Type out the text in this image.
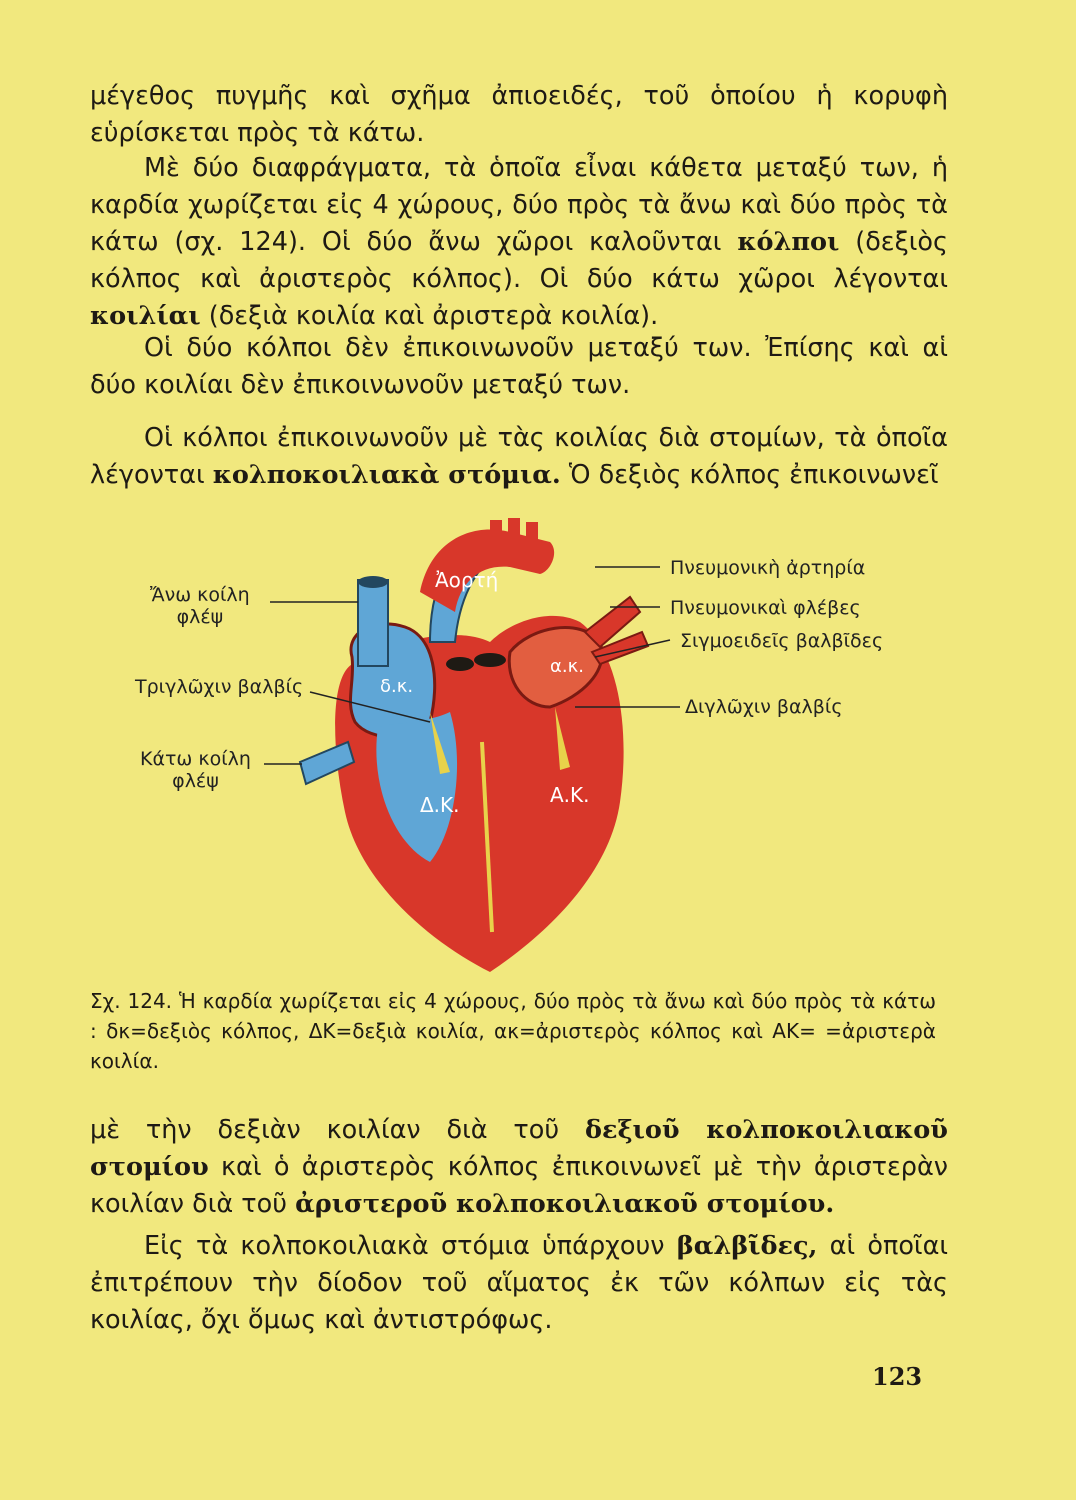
μέγεθος πυγμῆς καὶ σχῆμα ἀπιοειδές, τοῦ ὁποίου ἡ κορυφὴ εὑρίσκεται πρὸς τὰ κάτω.

Μὲ δύο διαφράγματα, τὰ ὁποῖα εἶναι κάθετα μεταξύ των, ἡ καρδία χωρίζεται εἰς 4 χώρους, δύο πρὸς τὰ ἄνω καὶ δύο πρὸς τὰ κάτω (σχ. 124). Οἱ δύο ἄνω χῶροι καλοῦνται κόλποι (δεξιὸς κόλπος καὶ ἀριστερὸς κόλπος). Οἱ δύο κάτω χῶροι λέγονται κοιλίαι (δεξιὰ κοιλία καὶ ἀριστερὰ κοιλία).

Οἱ δύο κόλποι δὲν ἐπικοινωνοῦν μεταξύ των. Ἐπίσης καὶ αἱ δύο κοιλίαι δὲν ἐπικοινωνοῦν μεταξύ των.

Οἱ κόλποι ἐπικοινωνοῦν μὲ τὰς κοιλίας διὰ στομίων, τὰ ὁποῖα λέγονται κολποκοιλιακὰ στόμια. Ὁ δεξιὸς κόλπος ἐπικοινωνεῖ

δ.κ.
α.κ.
Δ.Κ.	Α.Κ.
Ἀορτή
Ἄνω κοίλη
φλέψ
Τριγλῶχιν βαλβίς
Κάτω κοίλη
φλέψ
Πνευμονικὴ ἀρτηρία
Πνευμονικαὶ φλέβες
Σιγμοειδεῖς βαλβῖδες
Διγλῶχιν βαλβίς

Σχ. 124. Ἡ καρδία χωρίζεται εἰς 4 χώρους, δύο πρὸς τὰ ἄνω καὶ δύο πρὸς τὰ κάτω : δκ=δεξιὸς κόλπος, ΔΚ=δεξιὰ κοιλία, ακ=ἀριστερὸς κόλπος καὶ ΑΚ= =ἀριστερὰ κοιλία.

μὲ τὴν δεξιὰν κοιλίαν διὰ τοῦ δεξιοῦ κολποκοιλιακοῦ στομίου καὶ ὁ ἀριστερὸς κόλπος ἐπικοινωνεῖ μὲ τὴν ἀριστερὰν κοιλίαν διὰ τοῦ ἀριστεροῦ κολποκοιλιακοῦ στομίου.

Εἰς τὰ κολποκοιλιακὰ στόμια ὑπάρχουν βαλβῖδες, αἱ ὁποῖαι ἐπιτρέπουν τὴν δίοδον τοῦ αἵματος ἐκ τῶν κόλπων εἰς τὰς κοιλίας, ὄχι ὅμως καὶ ἀντιστρόφως.

123
